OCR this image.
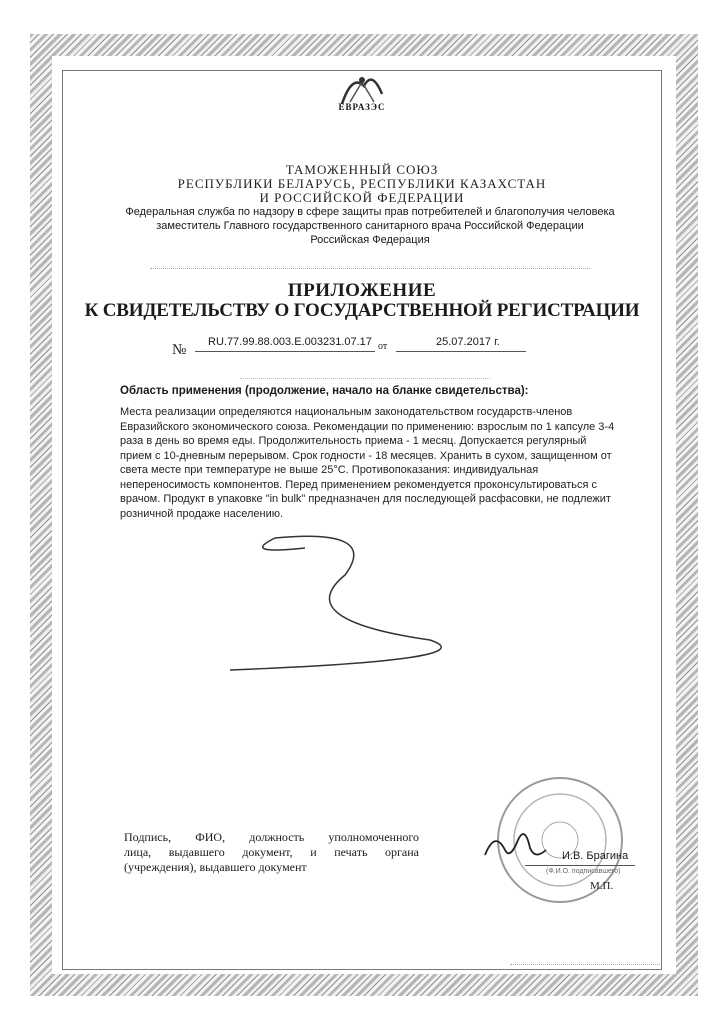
ЕВРАЗЭС
ТАМОЖЕННЫЙ СОЮЗ
РЕСПУБЛИКИ БЕЛАРУСЬ, РЕСПУБЛИКИ КАЗАХСТАН
И РОССИЙСКОЙ ФЕДЕРАЦИИ
Федеральная служба по надзору в сфере защиты прав потребителей и благополучия человека
заместитель Главного государственного санитарного врача Российской Федерации
Российская Федерация
ПРИЛОЖЕНИЕ
К СВИДЕТЕЛЬСТВУ О ГОСУДАРСТВЕННОЙ РЕГИСТРАЦИИ
№ RU.77.99.88.003.E.003231.07.17 от	25.07.2017 г.
Область применения (продолжение, начало на бланке свидетельства):
Места реализации определяются национальным законодательством государств-членов Евразийского экономического союза. Рекомендации по применению: взрослым по 1 капсуле 3-4 раза в день во время еды. Продолжительность приема - 1 месяц. Допускается регулярный прием с 10-дневным перерывом. Срок годности - 18 месяцев. Хранить в сухом, защищенном от света месте при температуре не выше 25°С. Противопоказания: индивидуальная непереносимость компонентов. Перед применением рекомендуется проконсультироваться с врачом. Продукт в упаковке "in bulk" предназначен для последующей расфасовки, не подлежит розничной продаже населению.
Подпись, ФИО, должность уполномоченного
лица, выдавшего документ, и печать органа

(учреждения), выдавшего документ
И.В. Брагина
(Ф.И.О. подписавшего)
М.П.
